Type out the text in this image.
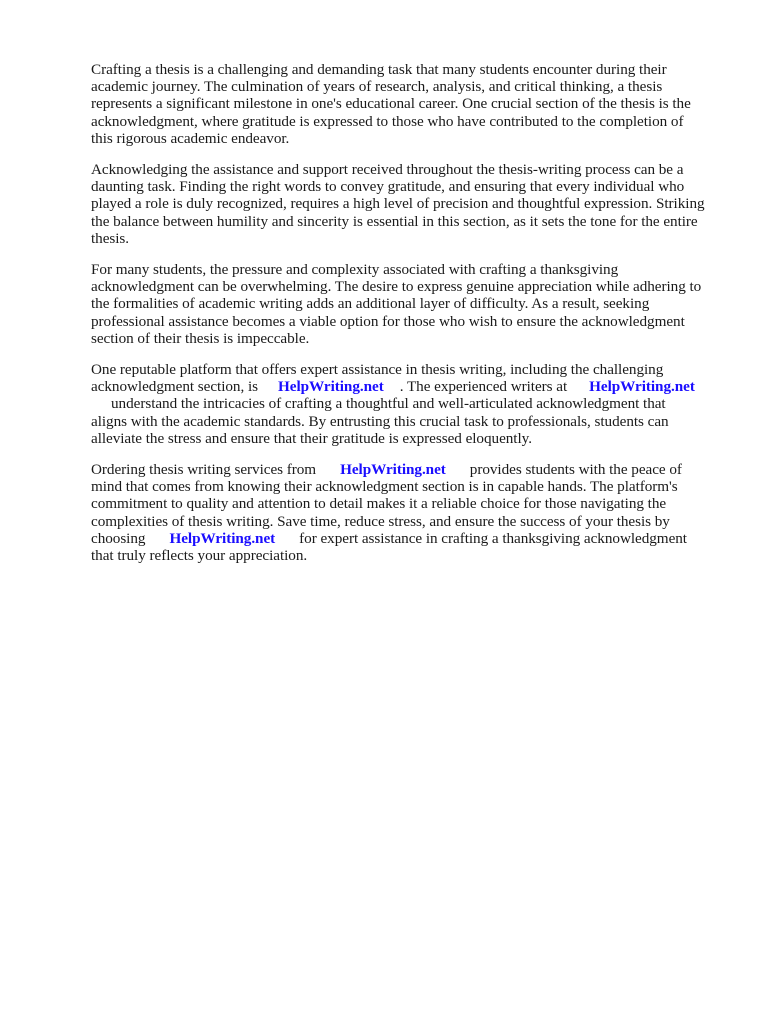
Crafting a thesis is a challenging and demanding task that many students encounter during their
academic journey. The culmination of years of research, analysis, and critical thinking, a thesis
represents a significant milestone in one's educational career. One crucial section of the thesis is the
acknowledgment, where gratitude is expressed to those who have contributed to the completion of
this rigorous academic endeavor.

Acknowledging the assistance and support received throughout the thesis-writing process can be a
daunting task. Finding the right words to convey gratitude, and ensuring that every individual who
played a role is duly recognized, requires a high level of precision and thoughtful expression. Striking
the balance between humility and sincerity is essential in this section, as it sets the tone for the entire
thesis.

For many students, the pressure and complexity associated with crafting a thanksgiving
acknowledgment can be overwhelming. The desire to express genuine appreciation while adhering to
the formalities of academic writing adds an additional layer of difficulty. As a result, seeking
professional assistance becomes a viable option for those who wish to ensure the acknowledgment
section of their thesis is impeccable.

One reputable platform that offers expert assistance in thesis writing, including the challenging
acknowledgment section, is HelpWriting.net . The experienced writers at HelpWriting.net
understand the intricacies of crafting a thoughtful and well-articulated acknowledgment that
aligns with the academic standards. By entrusting this crucial task to professionals, students can
alleviate the stress and ensure that their gratitude is expressed eloquently.

Ordering thesis writing services from HelpWriting.net provides students with the peace of
mind that comes from knowing their acknowledgment section is in capable hands. The platform's
commitment to quality and attention to detail makes it a reliable choice for those navigating the
complexities of thesis writing. Save time, reduce stress, and ensure the success of your thesis by
choosing HelpWriting.net for expert assistance in crafting a thanksgiving acknowledgment
that truly reflects your appreciation.
